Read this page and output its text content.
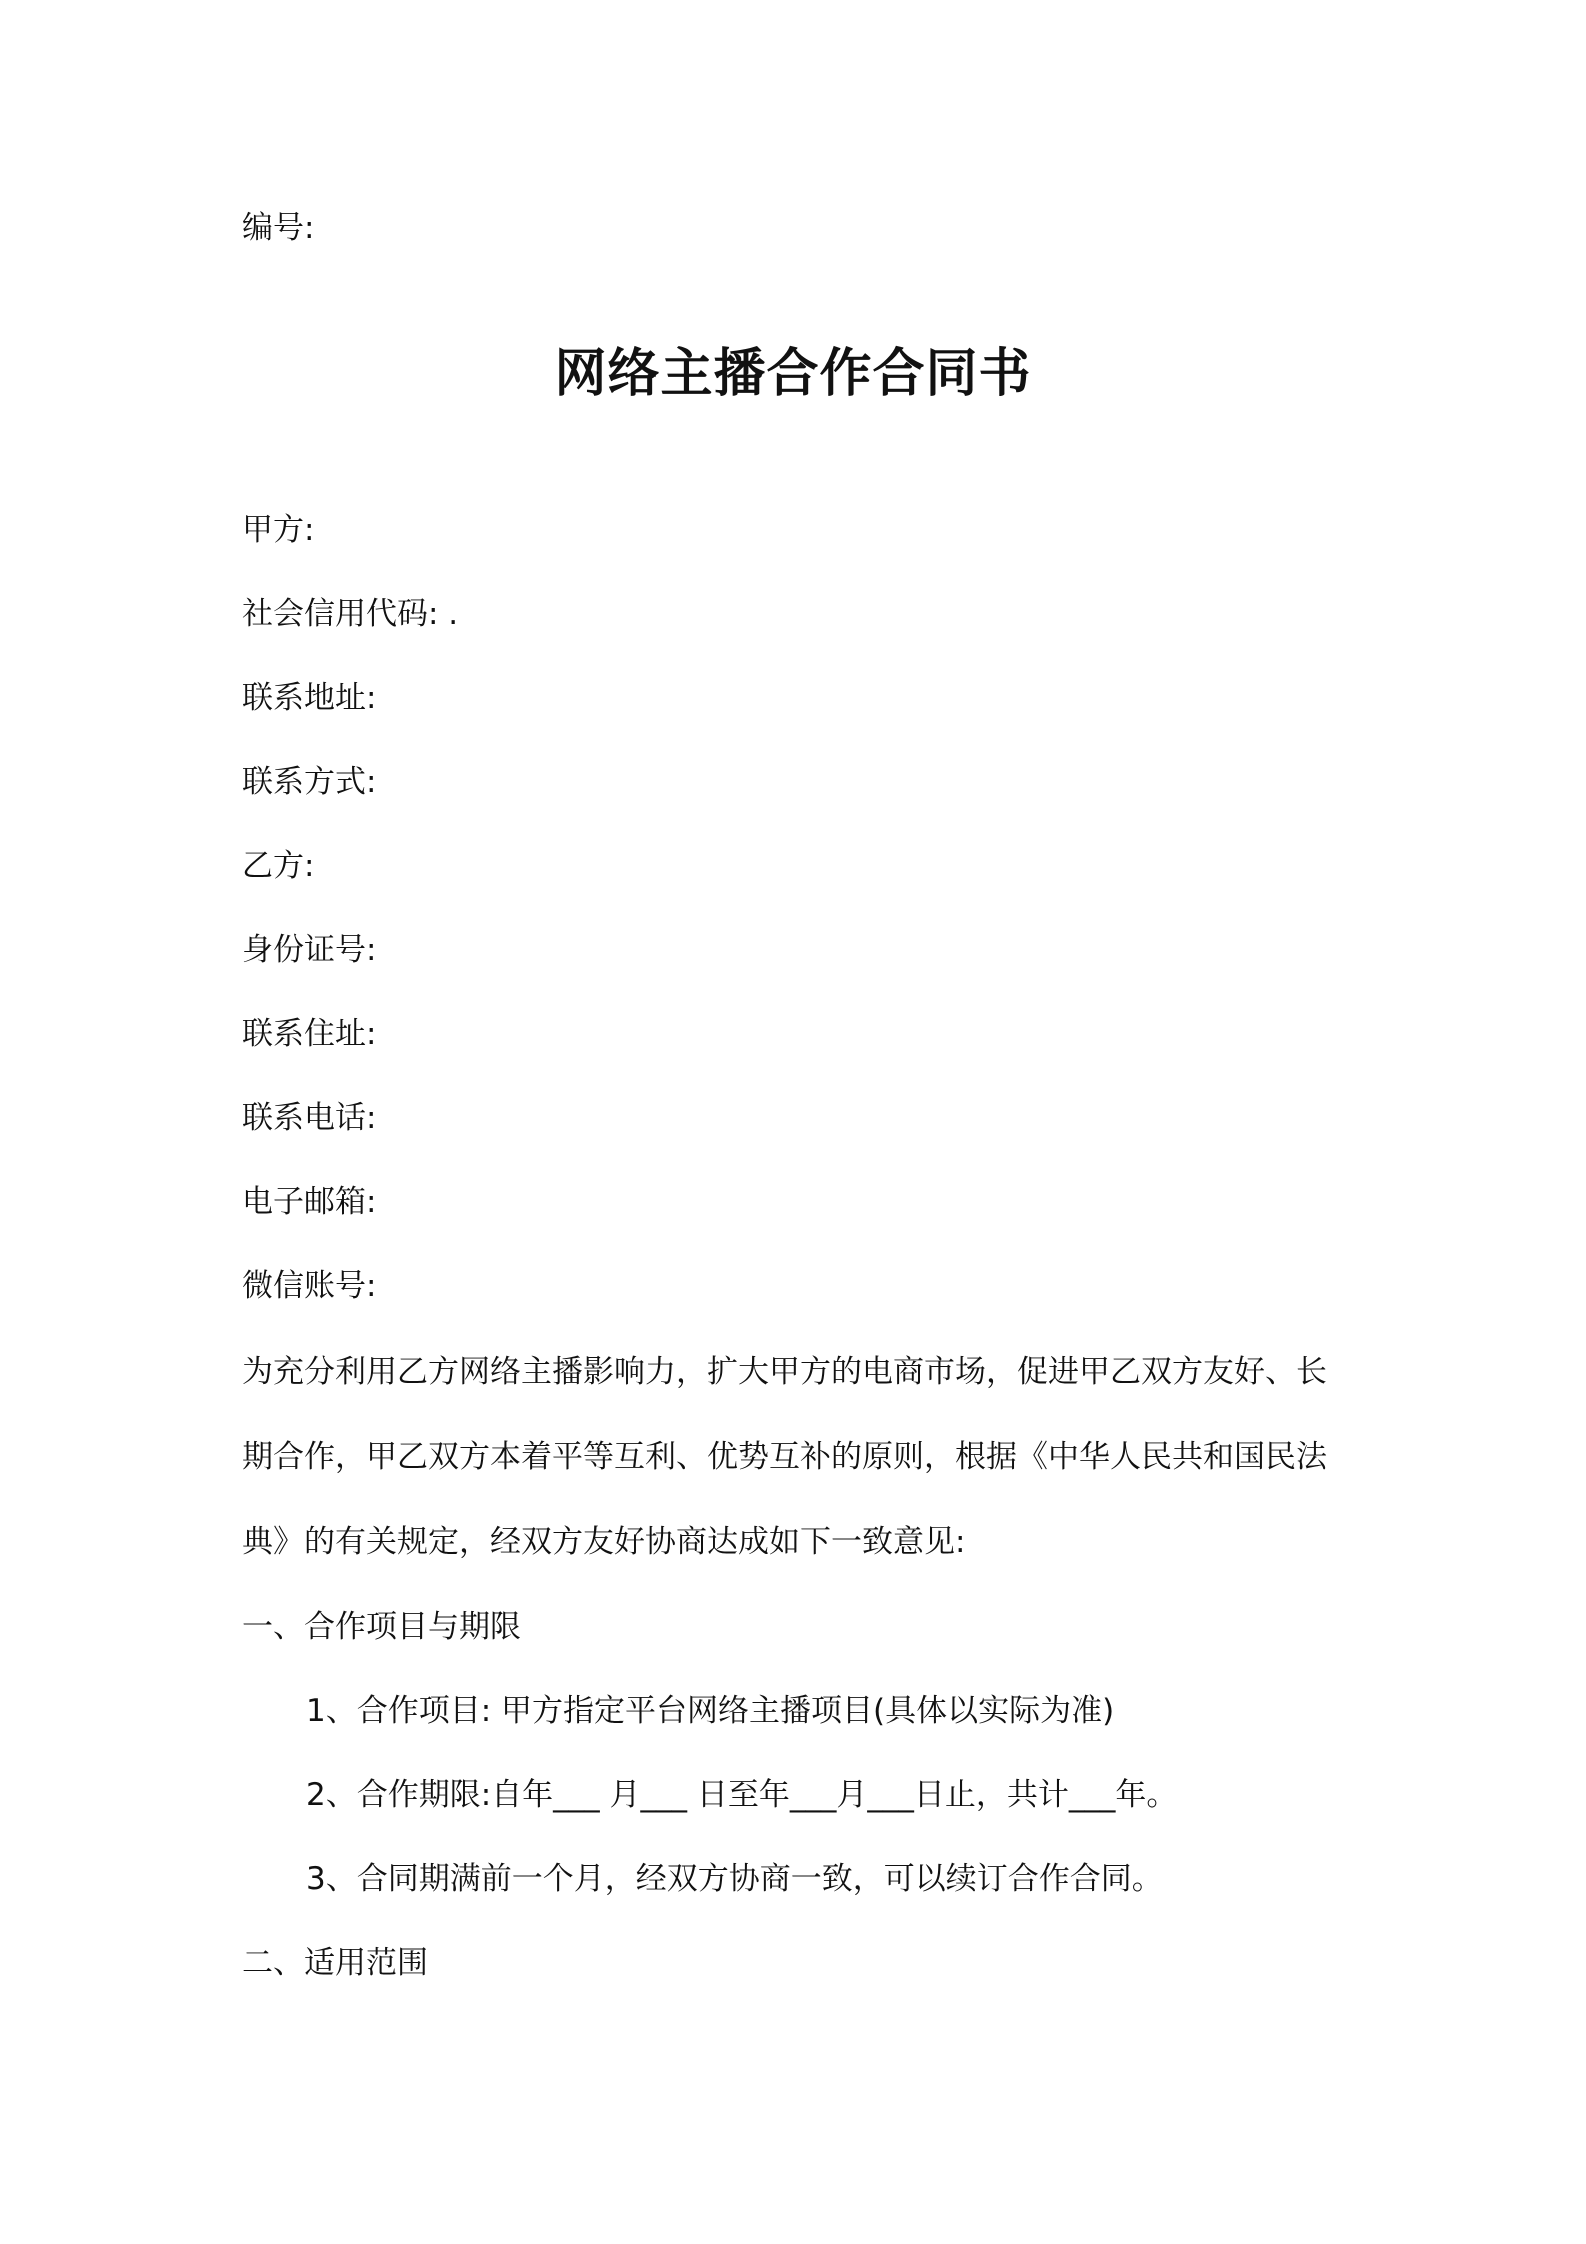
编号:

网络主播合作合同书

甲方:

社会信用代码: .

联系地址:

联系方式:

乙方:

身份证号:

联系住址:

联系电话:

电子邮箱:

微信账号:

为充分利用乙方网络主播影响力，扩大甲方的电商市场，促进甲乙双方友好、长

期合作，甲乙双方本着平等互利、优势互补的原则，根据《中华人民共和国民法

典》的有关规定，经双方友好协商达成如下一致意见:

一、合作项目与期限

1、合作项目: 甲方指定平台网络主播项目(具体以实际为准)

2、合作期限:自年___ 月___ 日至年___月___日止，共计___年。

3、合同期满前一个月，经双方协商一致，可以续订合作合同。

二、适用范围
